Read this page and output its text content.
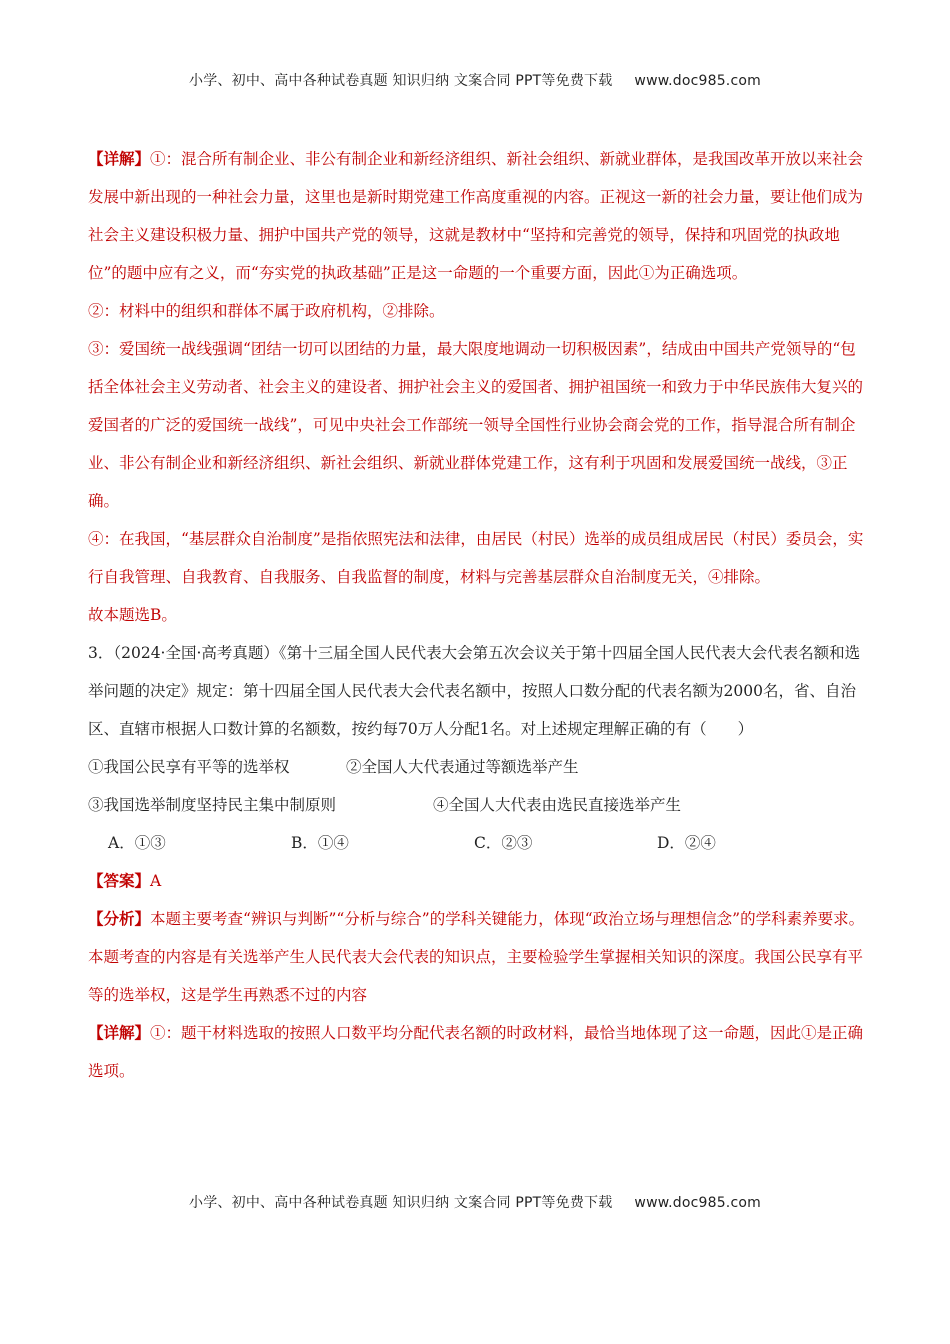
小学、初中、高中各种试卷真题 知识归纳 文案合同 PPT等免费下载 www.doc985.com

【详解】①：混合所有制企业、非公有制企业和新经济组织、新社会组织、新就业群体，是我国改革开放以来社会发展中新出现的一种社会力量，这里也是新时期党建工作高度重视的内容。正视这一新的社会力量，要让他们成为社会主义建设积极力量、拥护中国共产党的领导，这就是教材中“坚持和完善党的领导，保持和巩固党的执政地位”的题中应有之义，而“夯实党的执政基础”正是这一命题的一个重要方面，因此①为正确选项。

②：材料中的组织和群体不属于政府机构，②排除。

③：爱国统一战线强调“团结一切可以团结的力量，最大限度地调动一切积极因素”，结成由中国共产党领导的“包括全体社会主义劳动者、社会主义的建设者、拥护社会主义的爱国者、拥护祖国统一和致力于中华民族伟大复兴的爱国者的广泛的爱国统一战线”，可见中央社会工作部统一领导全国性行业协会商会党的工作，指导混合所有制企业、非公有制企业和新经济组织、新社会组织、新就业群体党建工作，这有利于巩固和发展爱国统一战线，③正确。

④：在我国，“基层群众自治制度”是指依照宪法和法律，由居民（村民）选举的成员组成居民（村民）委员会，实行自我管理、自我教育、自我服务、自我监督的制度，材料与完善基层群众自治制度无关，④排除。

故本题选B。

3．（2024·全国·高考真题）《第十三届全国人民代表大会第五次会议关于第十四届全国人民代表大会代表名额和选举问题的决定》规定：第十四届全国人民代表大会代表名额中，按照人口数分配的代表名额为2000名，省、自治区、直辖市根据人口数计算的名额数，按约每70万人分配1名。对上述规定理解正确的有（　　）

①我国公民享有平等的选举权	②全国人大代表通过等额选举产生
③我国选举制度坚持民主集中制原则	④全国人大代表由选民直接选举产生
A．①③	B．①④	C．②③	D．②④

【答案】A

【分析】本题主要考查“辨识与判断”“分析与综合”的学科关键能力，体现“政治立场与理想信念”的学科素养要求。本题考查的内容是有关选举产生人民代表大会代表的知识点，主要检验学生掌握相关知识的深度。我国公民享有平等的选举权，这是学生再熟悉不过的内容

【详解】①：题干材料选取的按照人口数平均分配代表名额的时政材料，最恰当地体现了这一命题，因此①是正确选项。

小学、初中、高中各种试卷真题 知识归纳 文案合同 PPT等免费下载 www.doc985.com
